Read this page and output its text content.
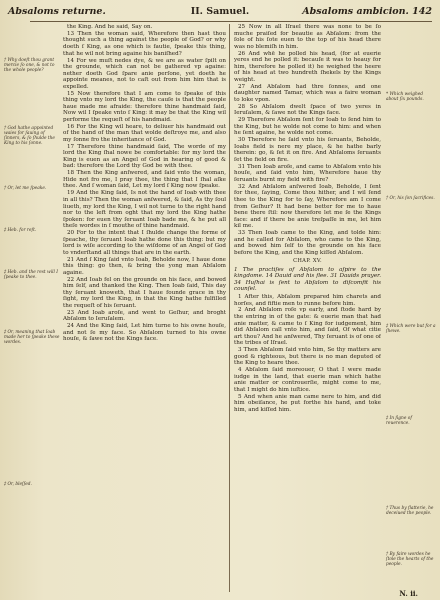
Absaloms returne.	II. Samuel.	Absaloms ambicion. 142
† Why doeſt thou grant mercie ſo one, & not to the whole people?
† God hathe appointed waies for ſauing of ſinners, & ſo ſhulde the King to his ſonne.
† Or, let me ſpeake.
‡ Heb. for reſt.
‡ Heb. and the rest will I ſpeake to thee.
‡ Or, meaning that Ioab made her to ſpeake these wordes.
‡ Or, bleſſed.

the King. And he said, Say on.

13 Then the woman said, Wherefore then hast thou thought such a thing against the people of God? or why doeth ſ King, as one which is fautie, ſpeake this thing, that he wil not bring againe his baniſhed?

14 For we muſt nedes dye, & we are as water ſpilt on the grounde, which can not be gathered vp againe: nether doeth God ſpare anie perſone, yet doeth he appointe meanes, not to caſt out from him him that is expelled.

15 Now therefore that I am come to ſpeake of this thing vnto my lord the King, the cauſe is that the people haue made me afraide: therefore thine handmaid ſaid, Now wil I ſpeake vnto ſ King: it may be that the King wil performe the requeſt of his handmaid.

16 For the King wil heare, to deliuer his handmaid out of the hand of the man that wolde deſtroye me, and also my ſonne fro the inheritance of God.

17 Therefore thine handmaid ſaid, The worde of my lord the King ſhal nowe be comfortable: for my lord the King is euen as an Angel of God in hearing of good & bad: therefore the Lord thy God be with thee.

18 Then the King anſwered, and ſaid vnto the woman, Hide not fro me, I pray thee, the thing that I ſhal aſke thee. And ſ woman ſaid, Let my lord ſ King now ſpeake.

19 And the King ſaid, Is not the hand of Ioab with thee in all this? Then the woman anſwered, & ſaid, As thy ſoul liueth, my lord the King, I wil not turne to the right hand nor to the left from oght that my lord the King hathe ſpoken: for euen thy ſeruant Ioab bade me, & he put all theſe wordes in ſ mouthe of thine handmaid.

20 For to the intent that I ſhulde change the forme of ſpeache, thy ſeruant Ioab hathe done this thing: but my lord is wiſe according to the wiſdome of an Angel of God to vnderſtand all things that are in the earth.

21 And ſ King ſaid vnto Ioab, Beholde now, I haue done this thing: go then, & bring the yong man Abſalom againe.

22 And Ioab fel on the grounde on his face, and bowed him ſelf, and thanked the King. Then Ioab ſaid, This day thy ſeruant knoweth, that I haue founde grace in thy ſight, my lord the King, in that the King hathe fulfilled the requeſt of his ſeruant.

23 And Ioab aroſe, and went to Geſhur, and broght Abſalom to Ieruſalem.

24 And the King ſaid, Let him turne to his owne houſe, and not ſe my face. So Abſalom turned to his owne houſe, & ſawe not the Kings face.

25 Now in all Iſrael there was none to be ſo muche praiſed for beautie as Abſalom: from the ſole of his ſote euen to the top of his head there was no blemiſh in him.

26 And whē he polled his head, (for at euerie yeres end he polled it: becauſe it was to heauy for him, therefore he polled it) he weighed the heere of his head at two hundreth ſhekels by the Kings weight.

27 And Abſalom had thre ſonnes, and one daughter named Tamar, which was a faire woman to loke vpon.

28 So Abſalom dwelt ſpace of two yeres in Ieruſalem, & ſawe not the Kings face.

29 Therefore Abſalom ſent for Ioab to ſend him to the King, but he wolde not come to him: and when he ſent againe, he wolde not come.

30 Therefore he ſaid vnto his ſeruants, Beholde, Ioabs field is nere my place, & he hathe barly therein: go, & ſet it on fire. And Abſaloms ſeruants ſet the field on fire.

31 Then Ioab aroſe, and came to Abſalom vnto his houſe, and ſaid vnto him, Wherefore haue thy ſeruants burnt my field with fire?

32 And Abſalom anſwered Ioab, Beholde, I ſent for thee, ſaying, Come thou hither, and I wil ſend thee to the King for to ſay, Wherefore am I come from Geſhur? It had bene better for me to haue bene there ſtil: now therefore let me ſe the Kings face: and if there be anie treſpaſſe in me, let him kil me.

33 Then Ioab came to the King, and tolde him: and he called for Abſalom, who came to the King, and bowed him ſelf to the grounde on his face before the King, and the King kiſſed Abſalom.

CHAP. XV.

1 The practiſes of Abſalom to aſpire to the kingdome. 14 Dauid and his flee. 31 Dauids prayer. 34 Huſhai is ſent to Abſalom to diſcomfit his counſel.

1 After this, Abſalom prepared him charets and horſes, and fiftie men to runne before him.

2 And Abſalom roſe vp early, and ſtode hard by the entring in of the gate: & euerie man that had anie matter, & came to ſ King for iudgement, him did Abſalom call vnto him, and ſaid, Of what citie art thou? And he anſwered, Thy ſeruant is of one of the tribes of Iſrael.

3 Then Abſalom ſaid vnto him, Se thy matters are good & righteous, but there is no man deputed of the King to heare thee.

4 Abſalom ſaid moreouer, O that I were made iudge in the land, that euerie man which hathe anie matter or controuerſie, might come to me, that I might do him iuſtice.

5 And when anie man came nere to him, and did him obeiſance, he put forthe his hand, and toke him, and kiſſed him.

* Which weighed about ſix pounds.
† Or, his ſon ſacrifices.
‡ Which were but for a ſhewe.
‡ In ſigne of reuerence.
† Thus by flatterie, he deceiued the people.
† By faire wordes he ſtole the hearts of the people.
N. ii.
